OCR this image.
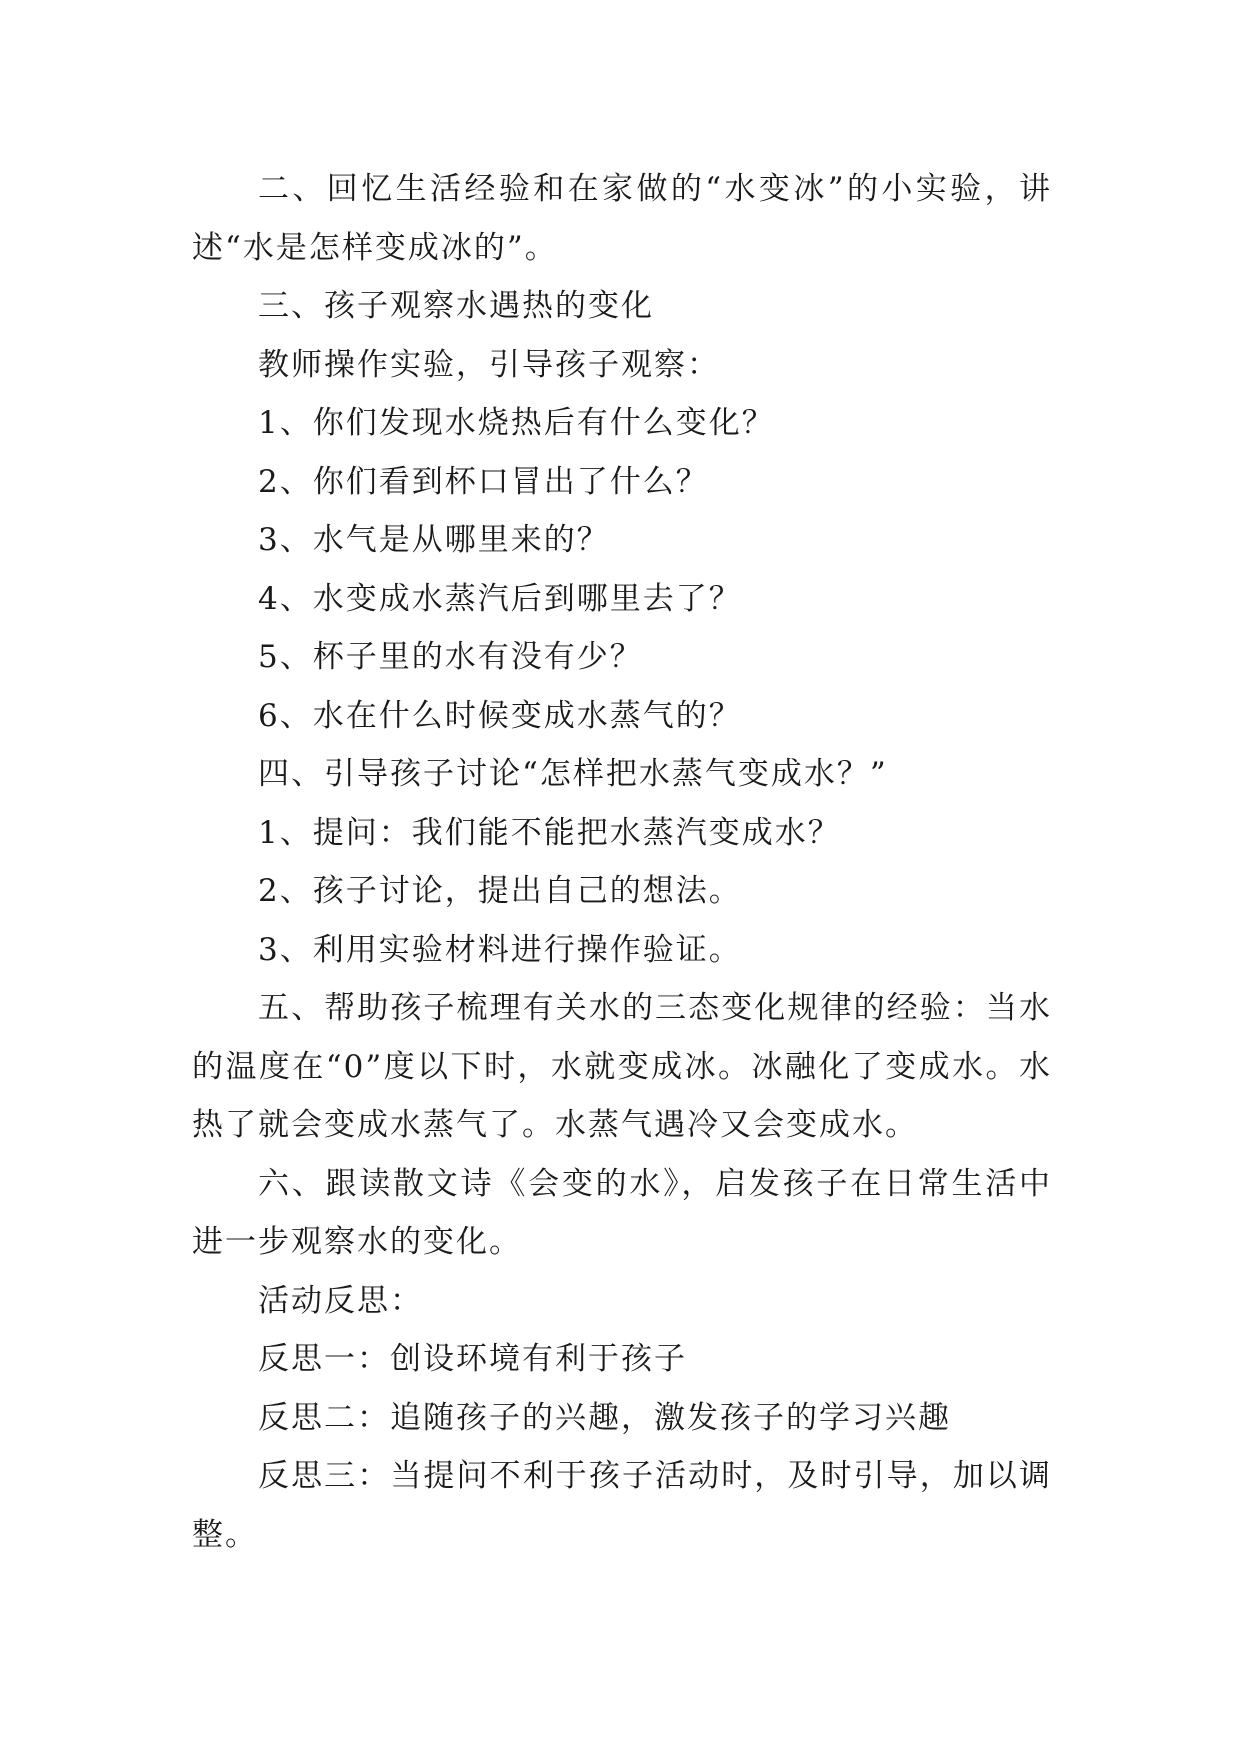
二、回忆生活经验和在家做的“水变冰”的小实验，讲述“水是怎样变成冰的”。

三、孩子观察水遇热的变化

教师操作实验，引导孩子观察：

1、你们发现水烧热后有什么变化？

2、你们看到杯口冒出了什么？

3、水气是从哪里来的？

4、水变成水蒸汽后到哪里去了？

5、杯子里的水有没有少？

6、水在什么时候变成水蒸气的？

四、引导孩子讨论“怎样把水蒸气变成水？”

1、提问：我们能不能把水蒸汽变成水？

2、孩子讨论，提出自己的想法。

3、利用实验材料进行操作验证。

五、帮助孩子梳理有关水的三态变化规律的经验：当水的温度在“0”度以下时，水就变成冰。冰融化了变成水。水热了就会变成水蒸气了。水蒸气遇冷又会变成水。

六、跟读散文诗《会变的水》，启发孩子在日常生活中进一步观察水的变化。

活动反思：

反思一：创设环境有利于孩子

反思二：追随孩子的兴趣，激发孩子的学习兴趣

反思三：当提问不利于孩子活动时，及时引导，加以调整。
